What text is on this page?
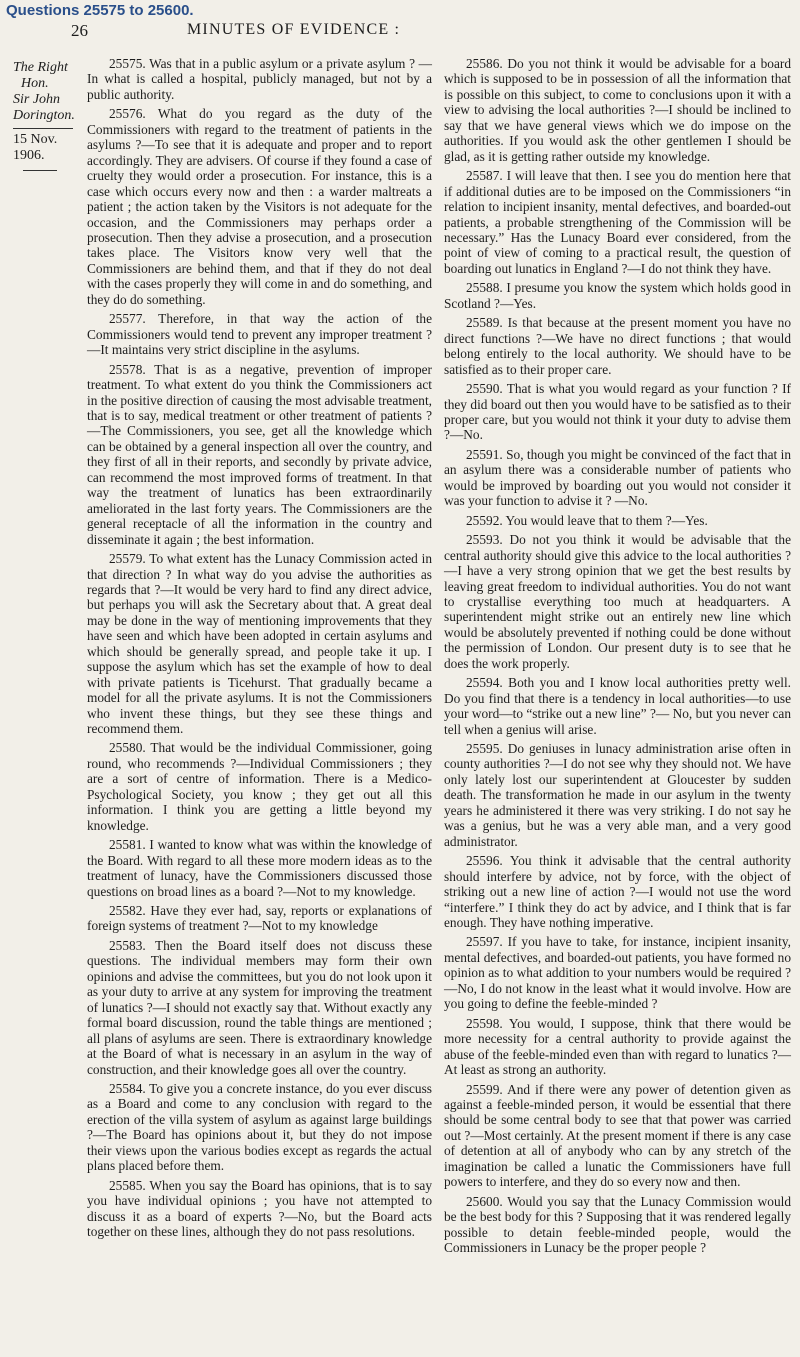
Questions 25575 to 25600.
26	MINUTES OF EVIDENCE :
The Right
Hon.
Sir John
Dorington.
15 Nov. 1906.

25575. Was that in a public asylum or a private asylum ? —In what is called a hospital, publicly managed, but not by a public authority.

25576. What do you regard as the duty of the Commissioners with regard to the treatment of patients in the asylums ?—To see that it is adequate and proper and to report accordingly. They are advisers. Of course if they found a case of cruelty they would order a prosecution. For instance, this is a case which occurs every now and then : a warder maltreats a patient ; the action taken by the Visitors is not adequate for the occasion, and the Commissioners may perhaps order a prosecution. Then they advise a prosecution, and a prosecution takes place. The Visitors know very well that the Commissioners are behind them, and that if they do not deal with the cases properly they will come in and do something, and they do do something.

25577. Therefore, in that way the action of the Commissioners would tend to prevent any improper treatment ? —It maintains very strict discipline in the asylums.

25578. That is as a negative, prevention of improper treatment. To what extent do you think the Commissioners act in the positive direction of causing the most advisable treatment, that is to say, medical treatment or other treatment of patients ?—The Commissioners, you see, get all the knowledge which can be obtained by a general inspection all over the country, and they first of all in their reports, and secondly by private advice, can recommend the most improved forms of treatment. In that way the treatment of lunatics has been extraordinarily ameliorated in the last forty years. The Commissioners are the general receptacle of all the information in the country and disseminate it again ; the best information.

25579. To what extent has the Lunacy Commission acted in that direction ? In what way do you advise the authorities as regards that ?—It would be very hard to find any direct advice, but perhaps you will ask the Secretary about that. A great deal may be done in the way of mentioning improvements that they have seen and which have been adopted in certain asylums and which should be generally spread, and people take it up. I suppose the asylum which has set the example of how to deal with private patients is Ticehurst. That gradually became a model for all the private asylums. It is not the Commissioners who invent these things, but they see these things and recommend them.

25580. That would be the individual Commissioner, going round, who recommends ?—Individual Commissioners ; they are a sort of centre of information. There is a Medico-Psychological Society, you know ; they get out all this information. I think you are getting a little beyond my knowledge.

25581. I wanted to know what was within the knowledge of the Board. With regard to all these more modern ideas as to the treatment of lunacy, have the Commissioners discussed those questions on broad lines as a board ?—Not to my knowledge.

25582. Have they ever had, say, reports or explanations of foreign systems of treatment ?—Not to my knowledge

25583. Then the Board itself does not discuss these questions. The individual members may form their own opinions and advise the committees, but you do not look upon it as your duty to arrive at any system for improving the treatment of lunatics ?—I should not exactly say that. Without exactly any formal board discussion, round the table things are mentioned ; all plans of asylums are seen. There is extraordinary knowledge at the Board of what is necessary in an asylum in the way of construction, and their knowledge goes all over the country.

25584. To give you a concrete instance, do you ever discuss as a Board and come to any conclusion with regard to the erection of the villa system of asylum as against large buildings ?—The Board has opinions about it, but they do not impose their views upon the various bodies except as regards the actual plans placed before them.

25585. When you say the Board has opinions, that is to say you have individual opinions ; you have not attempted to discuss it as a board of experts ?—No, but the Board acts together on these lines, although they do not pass resolutions.

25586. Do you not think it would be advisable for a board which is supposed to be in possession of all the information that is possible on this subject, to come to conclusions upon it with a view to advising the local authorities ?—I should be inclined to say that we have general views which we do impose on the authorities. If you would ask the other gentlemen I should be glad, as it is getting rather outside my knowledge.

25587. I will leave that then. I see you do mention here that if additional duties are to be imposed on the Commissioners “in relation to incipient insanity, mental defectives, and boarded-out patients, a probable strengthening of the Commission will be necessary.” Has the Lunacy Board ever considered, from the point of view of coming to a practical result, the question of boarding out lunatics in England ?—I do not think they have.

25588. I presume you know the system which holds good in Scotland ?—Yes.

25589. Is that because at the present moment you have no direct functions ?—We have no direct functions ; that would belong entirely to the local authority. We should have to be satisfied as to their proper care.

25590. That is what you would regard as your function ? If they did board out then you would have to be satisfied as to their proper care, but you would not think it your duty to advise them ?—No.

25591. So, though you might be convinced of the fact that in an asylum there was a considerable number of patients who would be improved by boarding out you would not consider it was your function to advise it ? —No.

25592. You would leave that to them ?—Yes.

25593. Do not you think it would be advisable that the central authority should give this advice to the local authorities ?—I have a very strong opinion that we get the best results by leaving great freedom to individual authorities. You do not want to crystallise everything too much at headquarters. A superintendent might strike out an entirely new line which would be absolutely prevented if nothing could be done without the permission of London. Our present duty is to see that he does the work properly.

25594. Both you and I know local authorities pretty well. Do you find that there is a tendency in local authorities—to use your word—to “strike out a new line” ?— No, but you never can tell when a genius will arise.

25595. Do geniuses in lunacy administration arise often in county authorities ?—I do not see why they should not. We have only lately lost our superintendent at Gloucester by sudden death. The transformation he made in our asylum in the twenty years he administered it there was very striking. I do not say he was a genius, but he was a very able man, and a very good administrator.

25596. You think it advisable that the central authority should interfere by advice, not by force, with the object of striking out a new line of action ?—I would not use the word “interfere.” I think they do act by advice, and I think that is far enough. They have nothing imperative.

25597. If you have to take, for instance, incipient insanity, mental defectives, and boarded-out patients, you have formed no opinion as to what addition to your numbers would be required ?—No, I do not know in the least what it would involve. How are you going to define the feeble-minded ?

25598. You would, I suppose, think that there would be more necessity for a central authority to provide against the abuse of the feeble-minded even than with regard to lunatics ?—At least as strong an authority.

25599. And if there were any power of detention given as against a feeble-minded person, it would be essential that there should be some central body to see that that power was carried out ?—Most certainly. At the present moment if there is any case of detention at all of anybody who can by any stretch of the imagination be called a lunatic the Commissioners have full powers to interfere, and they do so every now and then.

25600. Would you say that the Lunacy Commission would be the best body for this ? Supposing that it was rendered legally possible to detain feeble-minded people, would the Commissioners in Lunacy be the proper people ?
